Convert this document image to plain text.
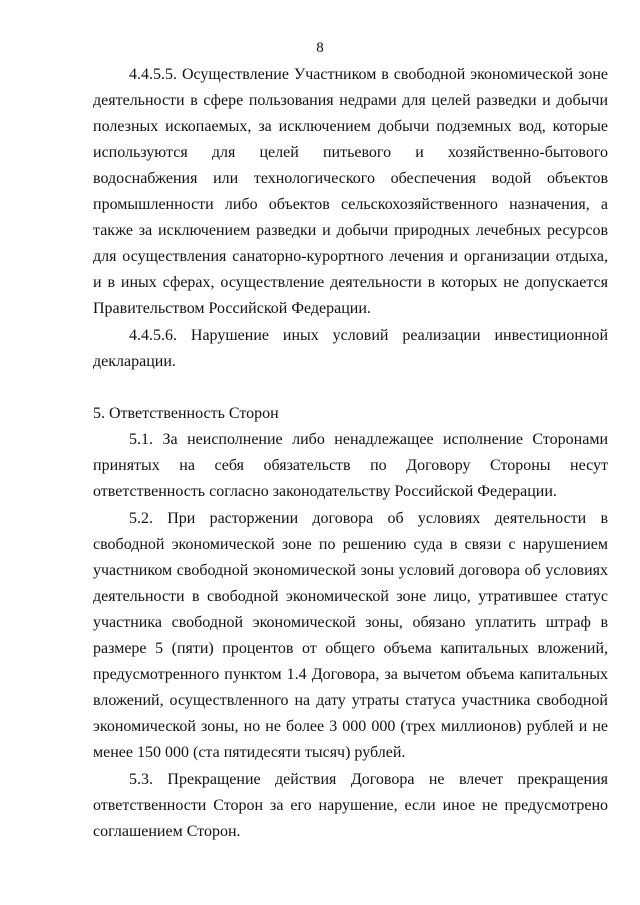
8

4.4.5.5. Осуществление Участником в свободной экономической зоне деятельности в сфере пользования недрами для целей разведки и добычи полезных ископаемых, за исключением добычи подземных вод, которые используются для целей питьевого и хозяйственно-бытового водоснабжения или технологического обеспечения водой объектов промышленности либо объектов сельскохозяйственного назначения, а также за исключением разведки и добычи природных лечебных ресурсов для осуществления санаторно-курортного лечения и организации отдыха, и в иных сферах, осуществление деятельности в которых не допускается Правительством Российской Федерации.

4.4.5.6. Нарушение иных условий реализации инвестиционной декларации.

5. Ответственность Сторон

5.1. За неисполнение либо ненадлежащее исполнение Сторонами принятых на себя обязательств по Договору Стороны несут ответственность согласно законодательству Российской Федерации.

5.2. При расторжении договора об условиях деятельности в свободной экономической зоне по решению суда в связи с нарушением участником свободной экономической зоны условий договора об условиях деятельности в свободной экономической зоне лицо, утратившее статус участника свободной экономической зоны, обязано уплатить штраф в размере 5 (пяти) процентов от общего объема капитальных вложений, предусмотренного пунктом 1.4 Договора, за вычетом объема капитальных вложений, осуществленного на дату утраты статуса участника свободной экономической зоны, но не более 3 000 000 (трех миллионов) рублей и не менее 150 000 (ста пятидесяти тысяч) рублей.

5.3. Прекращение действия Договора не влечет прекращения ответственности Сторон за его нарушение, если иное не предусмотрено соглашением Сторон.
